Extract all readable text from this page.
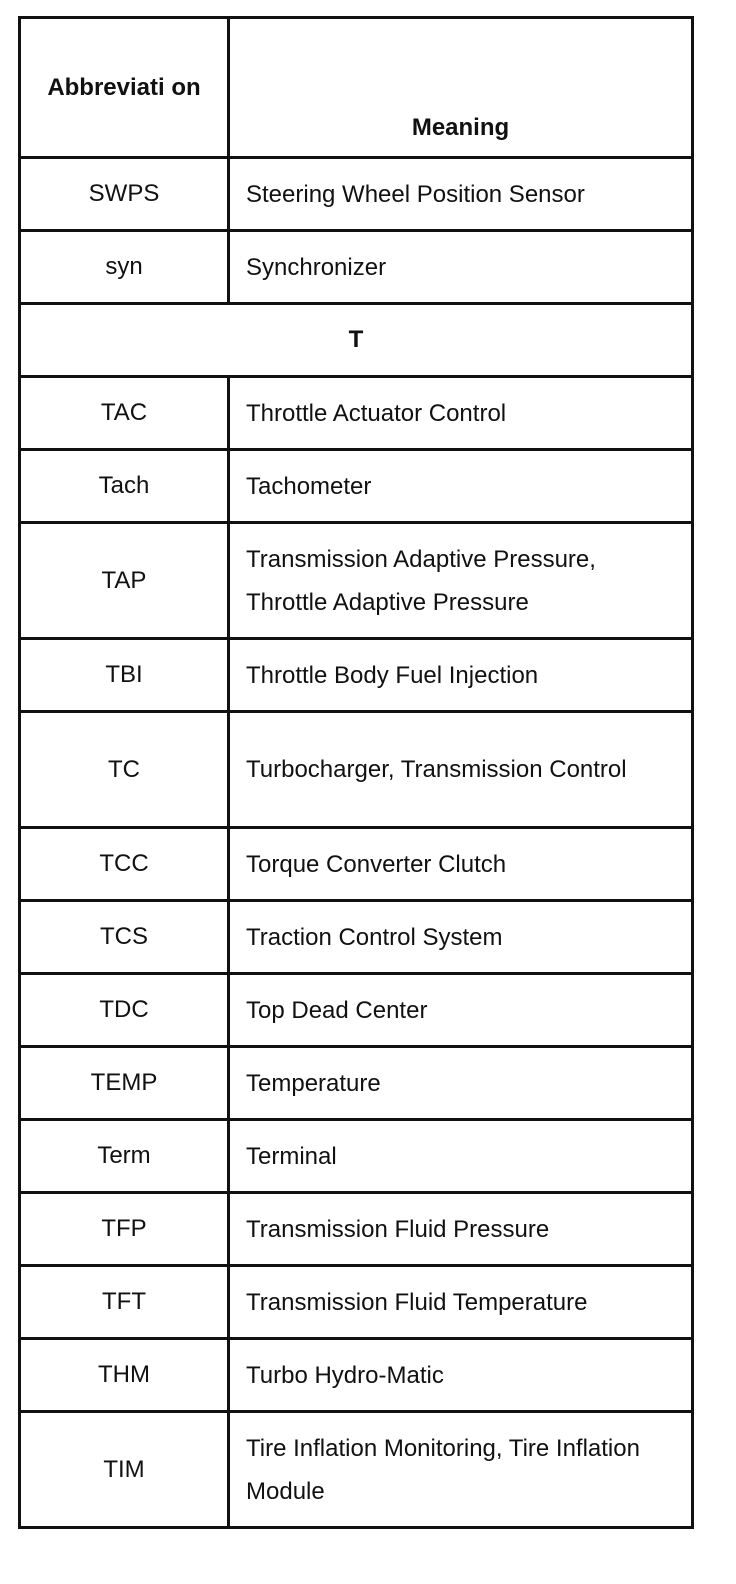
Abbreviati on	Meaning
SWPS	Steering Wheel Position Sensor
syn	Synchronizer
T	
TAC	Throttle Actuator Control
Tach	Tachometer
TAP	Transmission Adaptive Pressure, Throttle Adaptive Pressure
TBI	Throttle Body Fuel Injection
TC	Turbocharger, Transmission Control
TCC	Torque Converter Clutch
TCS	Traction Control System
TDC	Top Dead Center
TEMP	Temperature
Term	Terminal
TFP	Transmission Fluid Pressure
TFT	Transmission Fluid Temperature
THM	Turbo Hydro-Matic
TIM	Tire Inflation Monitoring, Tire Inflation Module
